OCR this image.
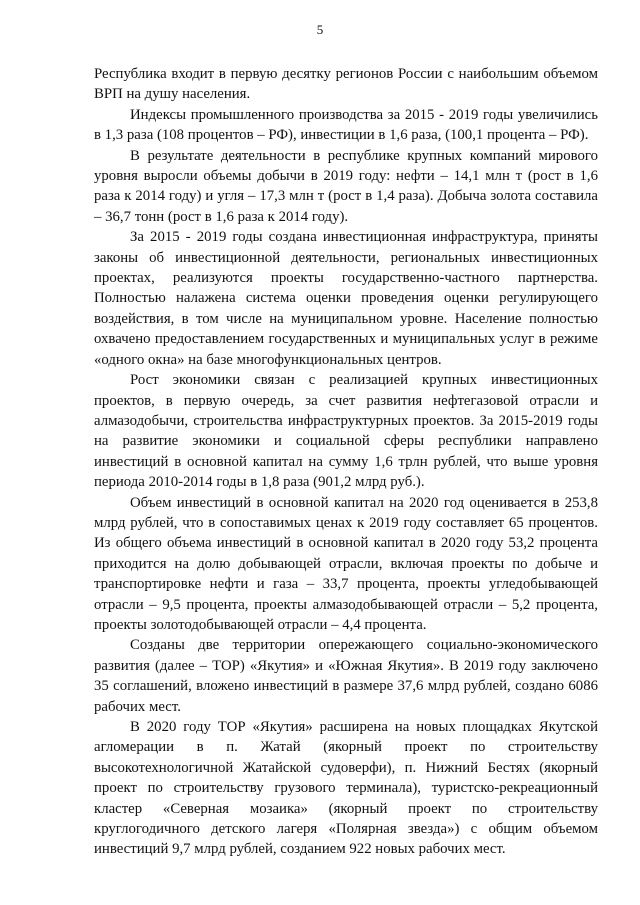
5

Республика входит в первую десятку регионов России с наибольшим объемом ВРП на душу населения.

Индексы промышленного производства за 2015 - 2019 годы увеличились в 1,3 раза (108 процентов – РФ), инвестиции в 1,6 раза, (100,1 процента – РФ).

В результате деятельности в республике крупных компаний мирового уровня выросли объемы добычи в 2019 году: нефти – 14,1 млн т (рост в 1,6 раза к 2014 году) и угля – 17,3 млн т (рост в 1,4 раза). Добыча золота составила – 36,7 тонн (рост в 1,6 раза к 2014 году).

За 2015 - 2019 годы создана инвестиционная инфраструктура, приняты законы об инвестиционной деятельности, региональных инвестиционных проектах, реализуются проекты государственно-частного партнерства. Полностью налажена система оценки проведения оценки регулирующего воздействия, в том числе на муниципальном уровне. Население полностью охвачено предоставлением государственных и муниципальных услуг в режиме «одного окна» на базе многофункциональных центров.

Рост экономики связан с реализацией крупных инвестиционных проектов, в первую очередь, за счет развития нефтегазовой отрасли и алмазодобычи, строительства инфраструктурных проектов. За 2015-2019 годы на развитие экономики и социальной сферы республики направлено инвестиций в основной капитал на сумму 1,6 трлн рублей, что выше уровня периода 2010-2014 годы в 1,8 раза (901,2 млрд руб.).

Объем инвестиций в основной капитал на 2020 год оценивается в 253,8 млрд рублей, что в сопоставимых ценах к 2019 году составляет 65 процентов. Из общего объема инвестиций в основной капитал в 2020 году 53,2 процента приходится на долю добывающей отрасли, включая проекты по добыче и транспортировке нефти и газа – 33,7 процента, проекты угледобывающей отрасли – 9,5 процента, проекты алмазодобывающей отрасли – 5,2 процента, проекты золотодобывающей отрасли – 4,4 процента.

Созданы две территории опережающего социально-экономического развития (далее – ТОР) «Якутия» и «Южная Якутия». В 2019 году заключено 35 соглашений, вложено инвестиций в размере 37,6 млрд рублей, создано 6086 рабочих мест.

В 2020 году ТОР «Якутия» расширена на новых площадках Якутской агломерации в п. Жатай (якорный проект по строительству высокотехнологичной Жатайской судоверфи), п. Нижний Бестях (якорный проект по строительству грузового терминала), туристско-рекреационный кластер «Северная мозаика» (якорный проект по строительству круглогодичного детского лагеря «Полярная звезда») с общим объемом инвестиций 9,7 млрд рублей, созданием 922 новых рабочих мест.
